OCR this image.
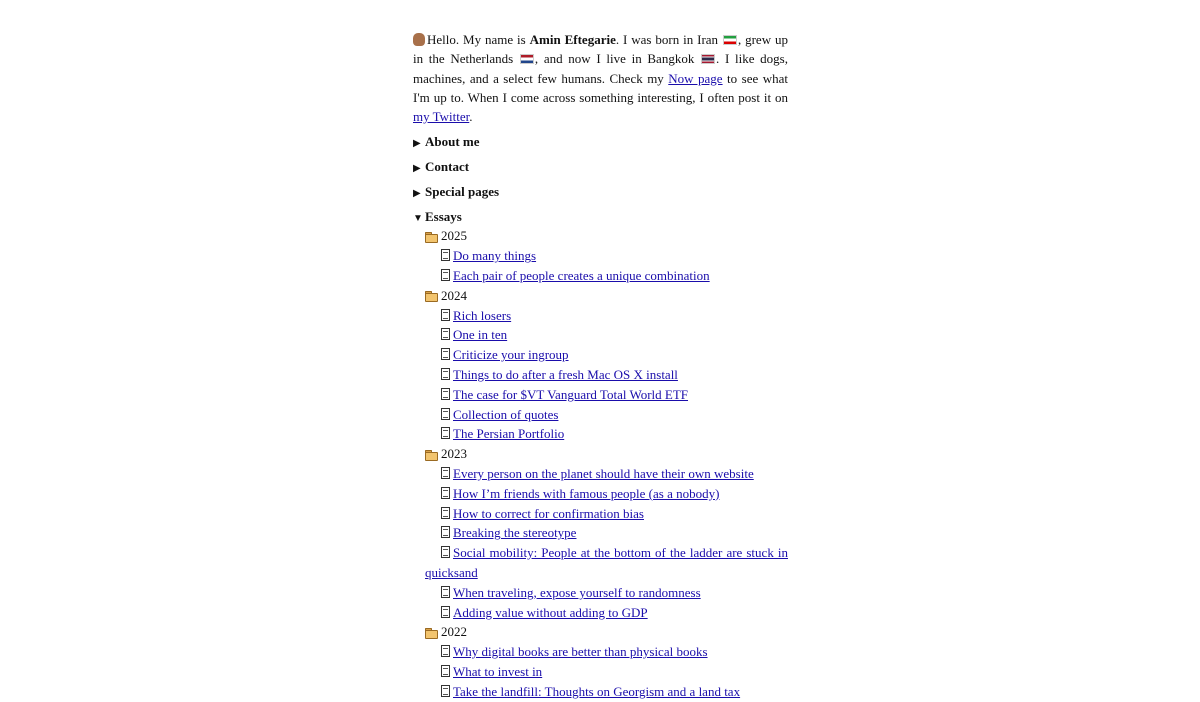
Hello. My name is Amin Eftegarie. I was born in Iran , grew up in the Netherlands , and now I live in Bangkok . I like dogs, machines, and a select few humans. Check my Now page to see what I'm up to. When I come across something interesting, I often post it on my Twitter.

▶ About me
▶ Contact
▶ Special pages
▼ Essays
2025
Do many things
Each pair of people creates a unique combination
2024
Rich losers
One in ten
Criticize your ingroup
Things to do after a fresh Mac OS X install
The case for $VT Vanguard Total World ETF
Collection of quotes
The Persian Portfolio
2023
Every person on the planet should have their own website
How I’m friends with famous people (as a nobody)
How to correct for confirmation bias
Breaking the stereotype
Social mobility: People at the bottom of the ladder are stuck in quicksand
When traveling, expose yourself to randomness
Adding value without adding to GDP
2022
Why digital books are better than physical books
What to invest in
Take the landfill: Thoughts on Georgism and a land tax
